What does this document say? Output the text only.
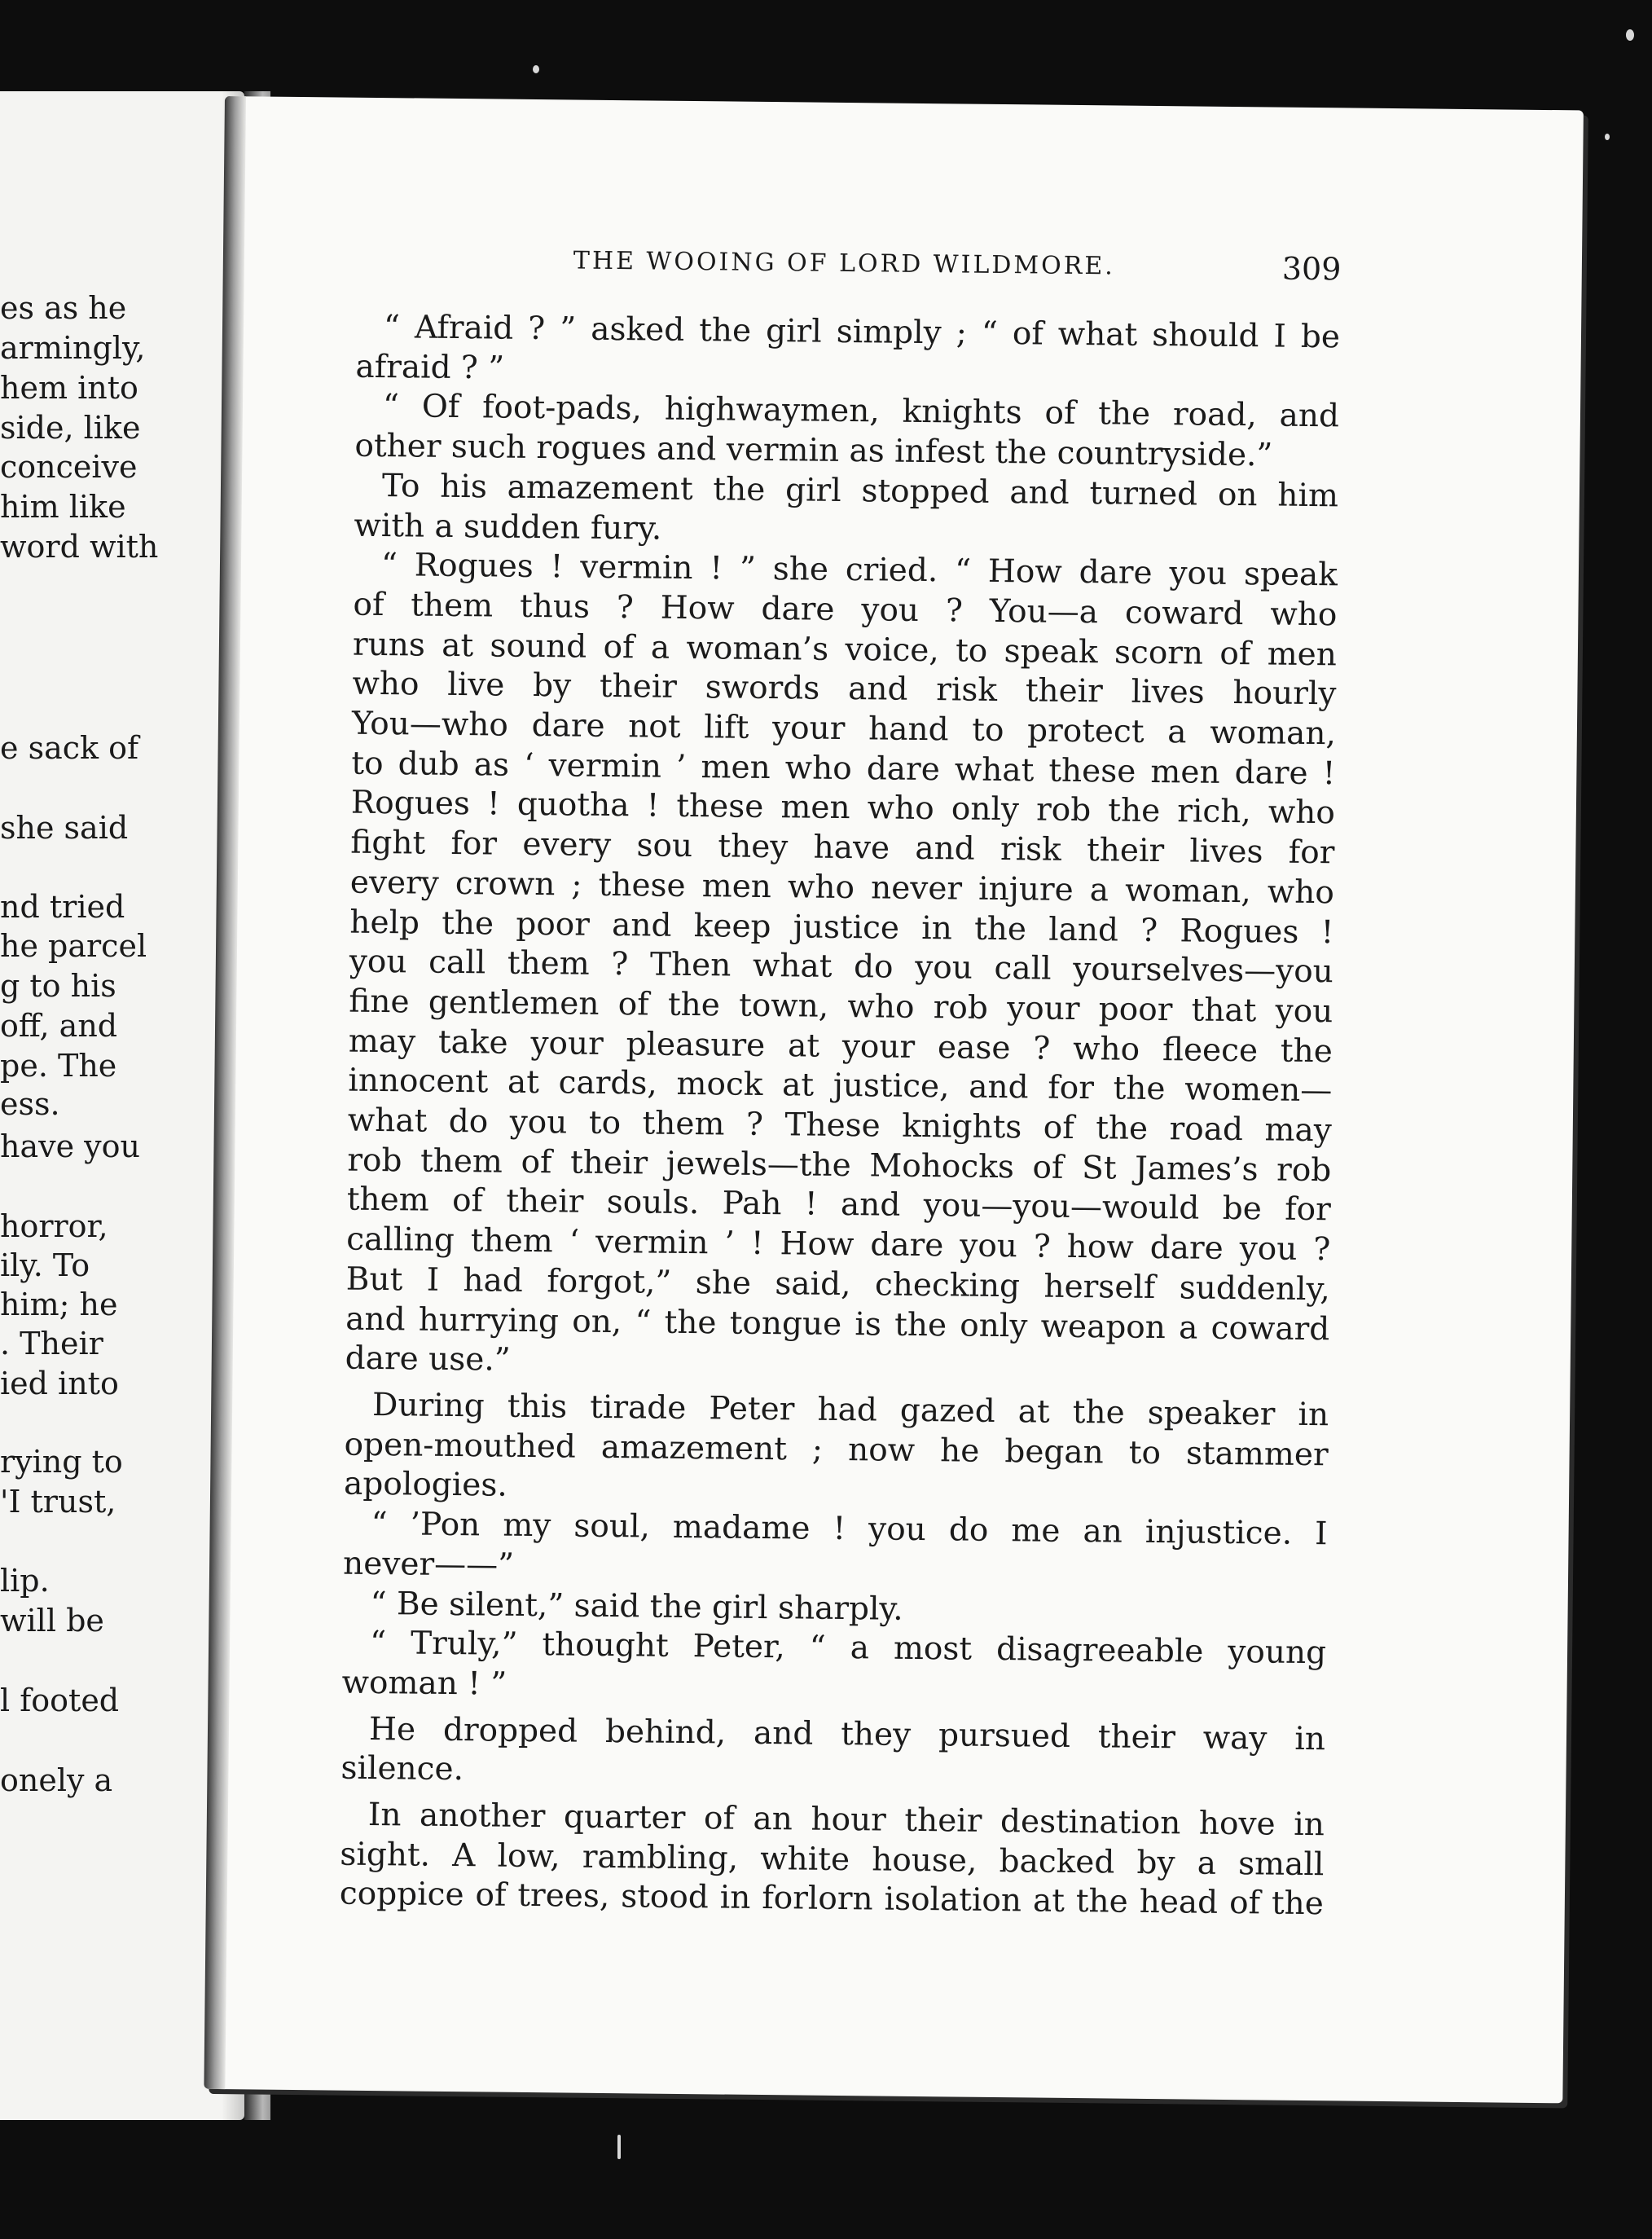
es as he
armingly,
hem into
side, like
conceive
him like
word with
e sack of
she said
nd tried
he parcel
g to his
off, and
pe. The
ess.
have you
horror,
ily. To
him; he
. Their
ied into
rying to
'I trust,
lip.
will be
l footed
onely a
THE WOOING OF LORD WILDMORE.	309
“ Afraid ? ” asked the girl simply ; “ of what should I be
afraid ? ”
“ Of foot-pads, highwaymen, knights of the road, and
other such rogues and vermin as infest the countryside.”
To his amazement the girl stopped and turned on him
with a sudden fury.
“ Rogues ! vermin ! ” she cried. “ How dare you speak
of them thus ? How dare you ? You—a coward who
runs at sound of a woman’s voice, to speak scorn of men
who live by their swords and risk their lives hourly
You—who dare not lift your hand to protect a woman,
to dub as ‘ vermin ’ men who dare what these men dare !
Rogues ! quotha ! these men who only rob the rich, who
fight for every sou they have and risk their lives for
every crown ; these men who never injure a woman, who
help the poor and keep justice in the land ? Rogues !
you call them ? Then what do you call yourselves—you
fine gentlemen of the town, who rob your poor that you
may take your pleasure at your ease ? who fleece the
innocent at cards, mock at justice, and for the women—
what do you to them ? These knights of the road may
rob them of their jewels—the Mohocks of St James’s rob
them of their souls. Pah ! and you—you—would be for
calling them ‘ vermin ’ ! How dare you ? how dare you ?
But I had forgot,” she said, checking herself suddenly,
and hurrying on, “ the tongue is the only weapon a coward
dare use.”
During this tirade Peter had gazed at the speaker in
open-mouthed amazement ; now he began to stammer
apologies.
“ ’Pon my soul, madame ! you do me an injustice. I
never——”
“ Be silent,” said the girl sharply.
“ Truly,” thought Peter, “ a most disagreeable young
woman ! ”
He dropped behind, and they pursued their way in
silence.
In another quarter of an hour their destination hove in
sight. A low, rambling, white house, backed by a small
coppice of trees, stood in forlorn isolation at the head of the
